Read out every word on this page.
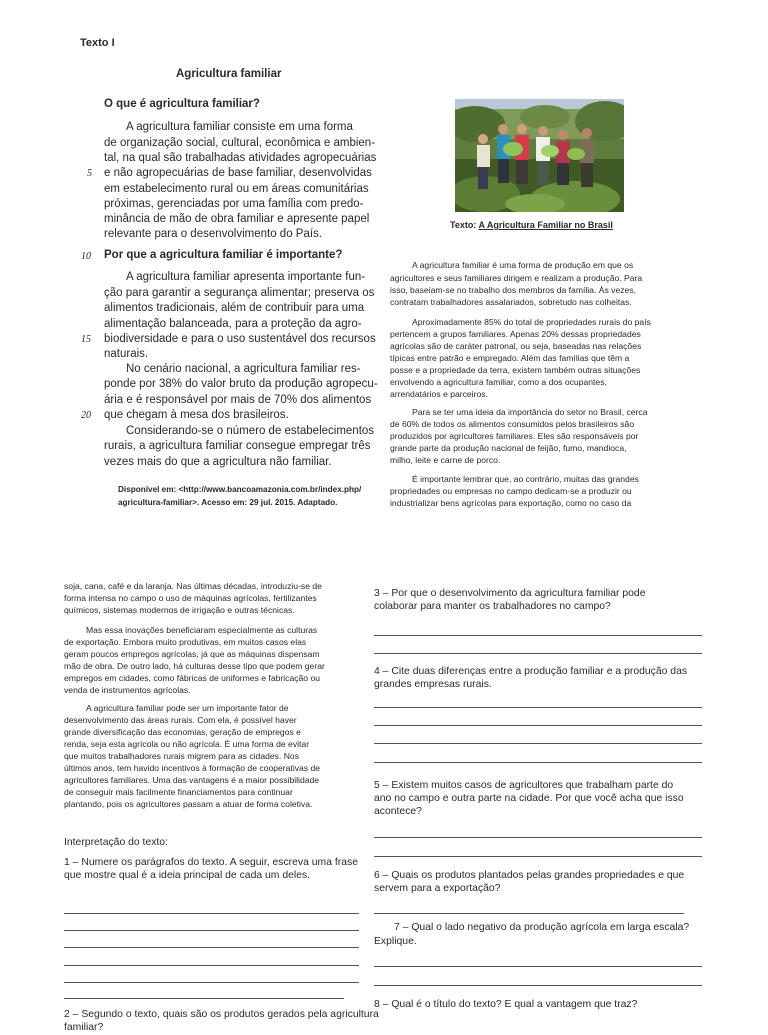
Texto I
Agricultura familiar
O que é agricultura familiar?
A agricultura familiar consiste em uma forma
de organização social, cultural, econômica e ambien-
tal, na qual são trabalhadas atividades agropecuárias
e não agropecuárias de base familiar, desenvolvidas
em estabelecimento rural ou em áreas comunitárias
próximas, gerenciadas por uma família com predo-
minância de mão de obra familiar e apresente papel
relevante para o desenvolvimento do País.
5
Por que a agricultura familiar é importante?
10
A agricultura familiar apresenta importante fun-
ção para garantir a segurança alimentar; preserva os
alimentos tradicionais, além de contribuir para uma
alimentação balanceada, para a proteção da agro-
biodiversidade e para o uso sustentável dos recursos
naturais.
15
No cenário nacional, a agricultura familiar res-
ponde por 38% do valor bruto da produção agropecu-
ária e é responsável por mais de 70% dos alimentos
que chegam à mesa dos brasileiros.
20
Considerando-se o número de estabelecimentos
rurais, a agricultura familiar consegue empregar três
vezes mais do que a agricultura não familiar.
Disponível em: <http://www.bancoamazonia.com.br/index.php/
agricultura-familiar>. Acesso em: 29 jul. 2015. Adaptado.
Texto: A Agricultura Familiar no Brasil
A agricultura familiar é uma forma de produção em que os
agricultores e seus familiares dirigem e realizam a produção. Para
isso, baseiam-se no trabalho dos membros da família. Às vezes,
contratam trabalhadores assalariados, sobretudo nas colheitas.
Aproximadamente 85% do total de propriedades rurais do país
pertencem a grupos familiares. Apenas 20% dessas propriedades
agrícolas são de caráter patronal, ou seja, baseadas nas relações
típicas entre patrão e empregado. Além das famílias que têm a
posse e a propriedade da terra, existem também outras situações
envolvendo a agricultura familiar, como a dos ocupantes,
arrendatários e parceiros.
Para se ter uma ideia da importância do setor no Brasil, cerca
de 60% de todos os alimentos consumidos pelos brasileiros são
produzidos por agricultores familiares. Eles são responsáveis por
grande parte da produção nacional de feijão, fumo, mandioca,
milho, leite e carne de porco.
É importante lembrar que, ao contrário, muitas das grandes
propriedades ou empresas no campo dedicam-se a produzir ou
industrializar bens agrícolas para exportação, como no caso da
soja, cana, café e da laranja. Nas últimas décadas, introduziu-se de
forma intensa no campo o uso de máquinas agrícolas, fertilizantes
químicos, sistemas modernos de irrigação e outras técnicas.
Mas essa inovações beneficiaram especialmente as culturas
de exportação. Embora muito produtivas, em muitos casos elas
geram poucos empregos agrícolas, já que as máquinas dispensam
mão de obra. De outro lado, há culturas desse tipo que podem gerar
empregos em cidades, como fábricas de uniformes e fabricação ou
venda de instrumentos agrícolas.
A agricultura familiar pode ser um importante fator de
desenvolvimento das áreas rurais. Com ela, é possível haver
grande diversificação das economias, geração de empregos e
renda, seja esta agrícola ou não agrícola. É uma forma de evitar
que muitos trabalhadores rurais migrem para as cidades. Nos
últimos anos, tem havido incentivos à formação de cooperativas de
agricultores familiares. Uma das vantagens é a maior possibilidade
de conseguir mais facilmente financiamentos para continuar
plantando, pois os agricultores passam a atuar de forma coletiva.
Interpretação do texto:
1 – Numere os parágrafos do texto. A seguir, escreva uma frase
que mostre qual é a ideia principal de cada um deles.
2 – Segundo o texto, quais são os produtos gerados pela agricultura
familiar?
3 – Por que o desenvolvimento da agricultura familiar pode
colaborar para manter os trabalhadores no campo?
4 – Cite duas diferenças entre a produção familiar e a produção das
grandes empresas rurais.
5 – Existem muitos casos de agricultores que trabalham parte do
ano no campo e outra parte na cidade. Por que você acha que isso
acontece?
6 – Quais os produtos plantados pelas grandes propriedades e que
servem para a exportação?
7 – Qual o lado negativo da produção agrícola em larga escala?
Explique.
8 – Qual é o título do texto? E qual a vantagem que traz?
